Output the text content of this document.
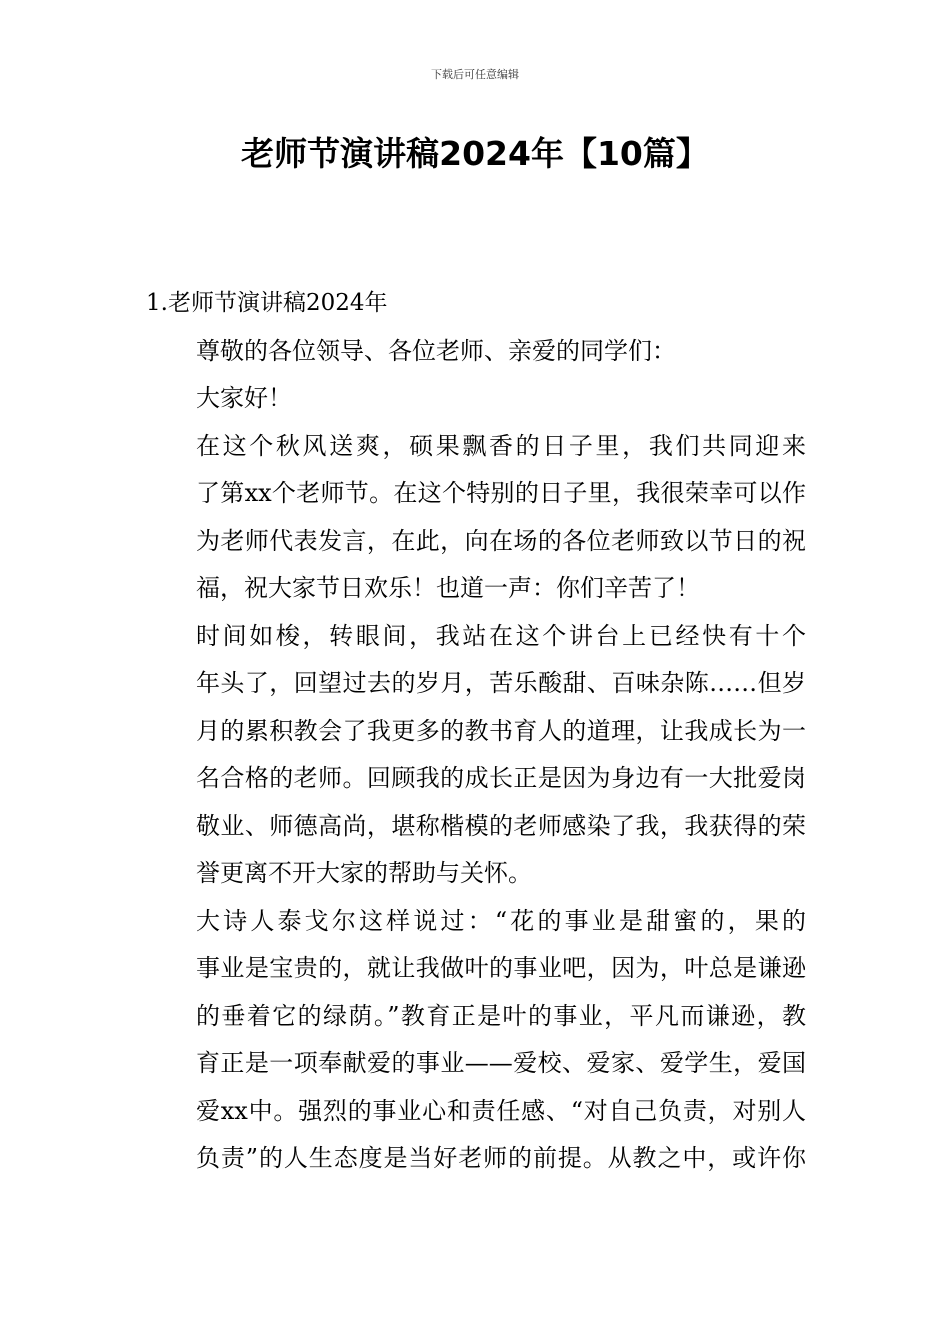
下载后可任意编辑
老师节演讲稿2024年【10篇】
1.老师节演讲稿2024年
尊敬的各位领导、各位老师、亲爱的同学们：
大家好！
在这个秋风送爽，硕果飘香的日子里，我们共同迎来
了第xx个老师节。在这个特别的日子里，我很荣幸可以作
为老师代表发言，在此，向在场的各位老师致以节日的祝
福，祝大家节日欢乐！也道一声：你们辛苦了！
时间如梭，转眼间，我站在这个讲台上已经快有十个
年头了，回望过去的岁月，苦乐酸甜、百味杂陈……但岁
月的累积教会了我更多的教书育人的道理，让我成长为一
名合格的老师。回顾我的成长正是因为身边有一大批爱岗
敬业、师德高尚，堪称楷模的老师感染了我，我获得的荣
誉更离不开大家的帮助与关怀。
大诗人泰戈尔这样说过：“花的事业是甜蜜的，果的
事业是宝贵的，就让我做叶的事业吧，因为，叶总是谦逊
的垂着它的绿荫。”教育正是叶的事业，平凡而谦逊，教
育正是一项奉献爱的事业——爱校、爱家、爱学生，爱国
爱xx中。强烈的事业心和责任感、“对自己负责，对别人
负责”的人生态度是当好老师的前提。从教之中，或许你
